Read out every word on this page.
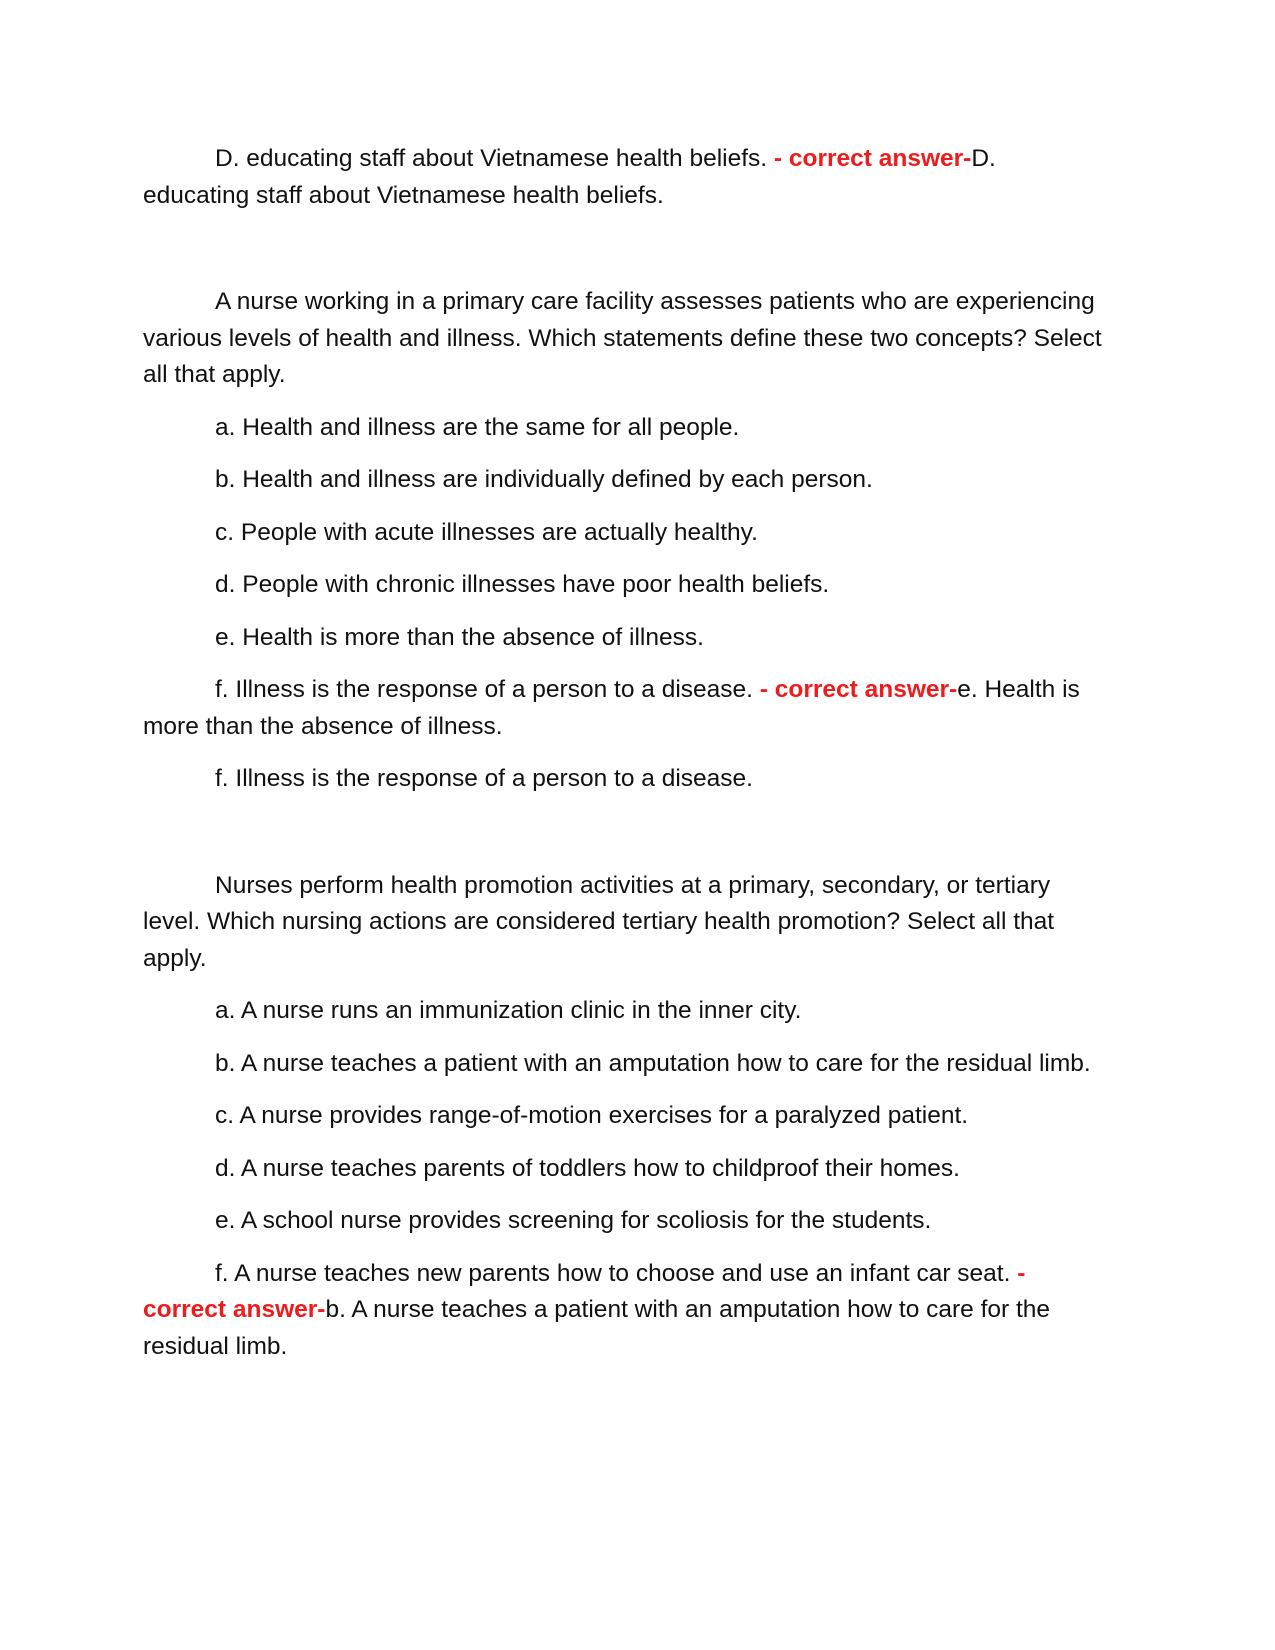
D. educating staff about Vietnamese health beliefs. - correct answer-D. educating staff about Vietnamese health beliefs.

A nurse working in a primary care facility assesses patients who are experiencing various levels of health and illness. Which statements define these two concepts? Select all that apply.

a. Health and illness are the same for all people.

b. Health and illness are individually defined by each person.

c. People with acute illnesses are actually healthy.

d. People with chronic illnesses have poor health beliefs.

e. Health is more than the absence of illness.

f. Illness is the response of a person to a disease. - correct answer-e. Health is more than the absence of illness.

f. Illness is the response of a person to a disease.

Nurses perform health promotion activities at a primary, secondary, or tertiary level. Which nursing actions are considered tertiary health promotion? Select all that apply.

a. A nurse runs an immunization clinic in the inner city.

b. A nurse teaches a patient with an amputation how to care for the residual limb.

c. A nurse provides range-of-motion exercises for a paralyzed patient.

d. A nurse teaches parents of toddlers how to childproof their homes.

e. A school nurse provides screening for scoliosis for the students.

f. A nurse teaches new parents how to choose and use an infant car seat. - correct answer-b. A nurse teaches a patient with an amputation how to care for the residual limb.
